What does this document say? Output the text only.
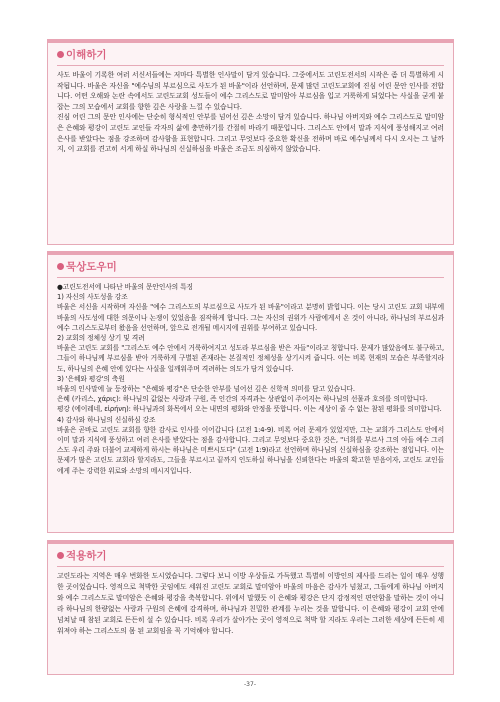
이해하기

사도 바울이 기록한 여러 서신서들에는 저마다 특별한 인사말이 담겨 있습니다. 그중에서도 고린도전서의 시작은 좀 더 특별하게 시작됩니다. 바울은 자신을 "예수님의 부르심으로 사도가 된 바울"이라 선언하며, 문제 많던 고린도교회에 진심 어린 문안 인사를 전합니다. 어떤 오해와 논란 속에서도 고린도교회 성도들이 예수 그리스도로 말미암아 부르심을 입고 거룩하게 되었다는 사실을 굳게 붙잡는 그의 모습에서 교회를 향한 깊은 사랑을 느낄 수 있습니다.

진심 어린 그의 문안 인사에는 단순히 형식적인 안부를 넘어선 깊은 소망이 담겨 있습니다. 하나님 아버지와 예수 그리스도로 말미암은 은혜와 평강이 고린도 교인들 각자의 삶에 충만하기를 간절히 바라기 때문입니다. 그리스도 안에서 말과 지식에 풍성해지고 여러 은사를 받았다는 점을 강조하며 감사함을 표현합니다. 그리고 무엇보다 중요한 확신을 전하며 바로 예수님께서 다시 오시는 그 날까지, 이 교회를 견고히 서게 하실 하나님의 신실하심을 바울은 조금도 의심하지 않았습니다.

묵상도우미

●고린도전서에 나타난 바울의 문안인사의 특징

1) 자신의 사도성을 강조

바울은 서신을 시작하며 자신을 "예수 그리스도의 부르심으로 사도가 된 바울"이라고 분명히 밝힙니다. 이는 당시 고린도 교회 내부에 바울의 사도성에 대한 의문이나 논쟁이 있었음을 짐작하게 합니다. 그는 자신의 권위가 사람에게서 온 것이 아니라, 하나님의 부르심과 예수 그리스도로부터 왔음을 선언하며, 앞으로 전개될 메시지에 권위를 부여하고 있습니다.

2) 교회의 정체성 상기 및 격려

바울은 고린도 교회를 "그리스도 예수 안에서 거룩하여지고 성도라 부르심을 받은 자들"이라고 칭합니다. 문제가 많았음에도 불구하고, 그들이 하나님께 부르심을 받아 거룩하게 구별된 존재라는 본질적인 정체성을 상기시켜 줍니다. 이는 비록 현재의 모습은 부족할지라도, 하나님의 은혜 안에 있다는 사실을 일깨워주며 격려하는 의도가 담겨 있습니다.

3) '은혜와 평강'의 축원

바울의 인사말에 늘 등장하는 "은혜와 평강"은 단순한 안부를 넘어선 깊은 신학적 의미를 담고 있습니다.

은혜 (카리스, χάρις): 하나님의 값없는 사랑과 구원, 즉 인간의 자격과는 상관없이 주어지는 하나님의 선물과 호의를 의미합니다.

평강 (에이레네, εἰρήνη): 하나님과의 화목에서 오는 내면의 평화와 안정을 뜻합니다. 이는 세상이 줄 수 없는 참된 평화를 의미합니다.

4) 감사와 하나님의 신실하심 강조

바울은 곧바로 고린도 교회를 향한 감사로 인사를 이어갑니다 (고전 1:4-9). 비록 여러 문제가 있었지만, 그는 교회가 그리스도 안에서 이미 말과 지식에 풍성하고 여러 은사를 받았다는 점을 감사합니다. 그리고 무엇보다 중요한 것은, "너희를 부르사 그의 아들 예수 그리스도 우리 주와 더불어 교제하게 하시는 하나님은 미쁘시도다" (고전 1:9)라고 선언하며 하나님의 신실하심을 강조하는 점입니다. 이는 문제가 많은 고린도 교회라 할지라도, 그들을 부르시고 끝까지 인도하실 하나님을 신뢰한다는 바울의 확고한 믿음이자, 고린도 교인들에게 주는 강력한 위로와 소망의 메시지입니다.

적용하기

고린도라는 지역은 매우 번화한 도시였습니다. 그렇다 보니 이방 우상들로 가득했고 특별히 이방인의 제사를 드리는 일이 매우 성행한 곳이었습니다. 영적으로 척박한 곳임에도 세워진 고린도 교회로 말미암아 바울의 마음은 감사가 넘쳤고, 그들에게 하나님 아버지와 예수 그리스도로 말미암은 은혜와 평강을 축복합니다. 위에서 말했듯 이 은혜와 평강은 단지 감정적인 편안함을 말하는 것이 아니라 하나님의 한량없는 사랑과 구원의 은혜에 감격하며, 하나님과 친밀한 관계를 누리는 것을 말합니다. 이 은혜와 평강이 교회 안에 넘쳐날 때 참된 교회로 든든히 설 수 있습니다. 비록 우리가 살아가는 곳이 영적으로 척박 할 지라도 우리는 그러한 세상에 든든히 세워져야 하는 그리스도의 몸 된 교회임을 꼭 기억해야 합니다.

-37-
